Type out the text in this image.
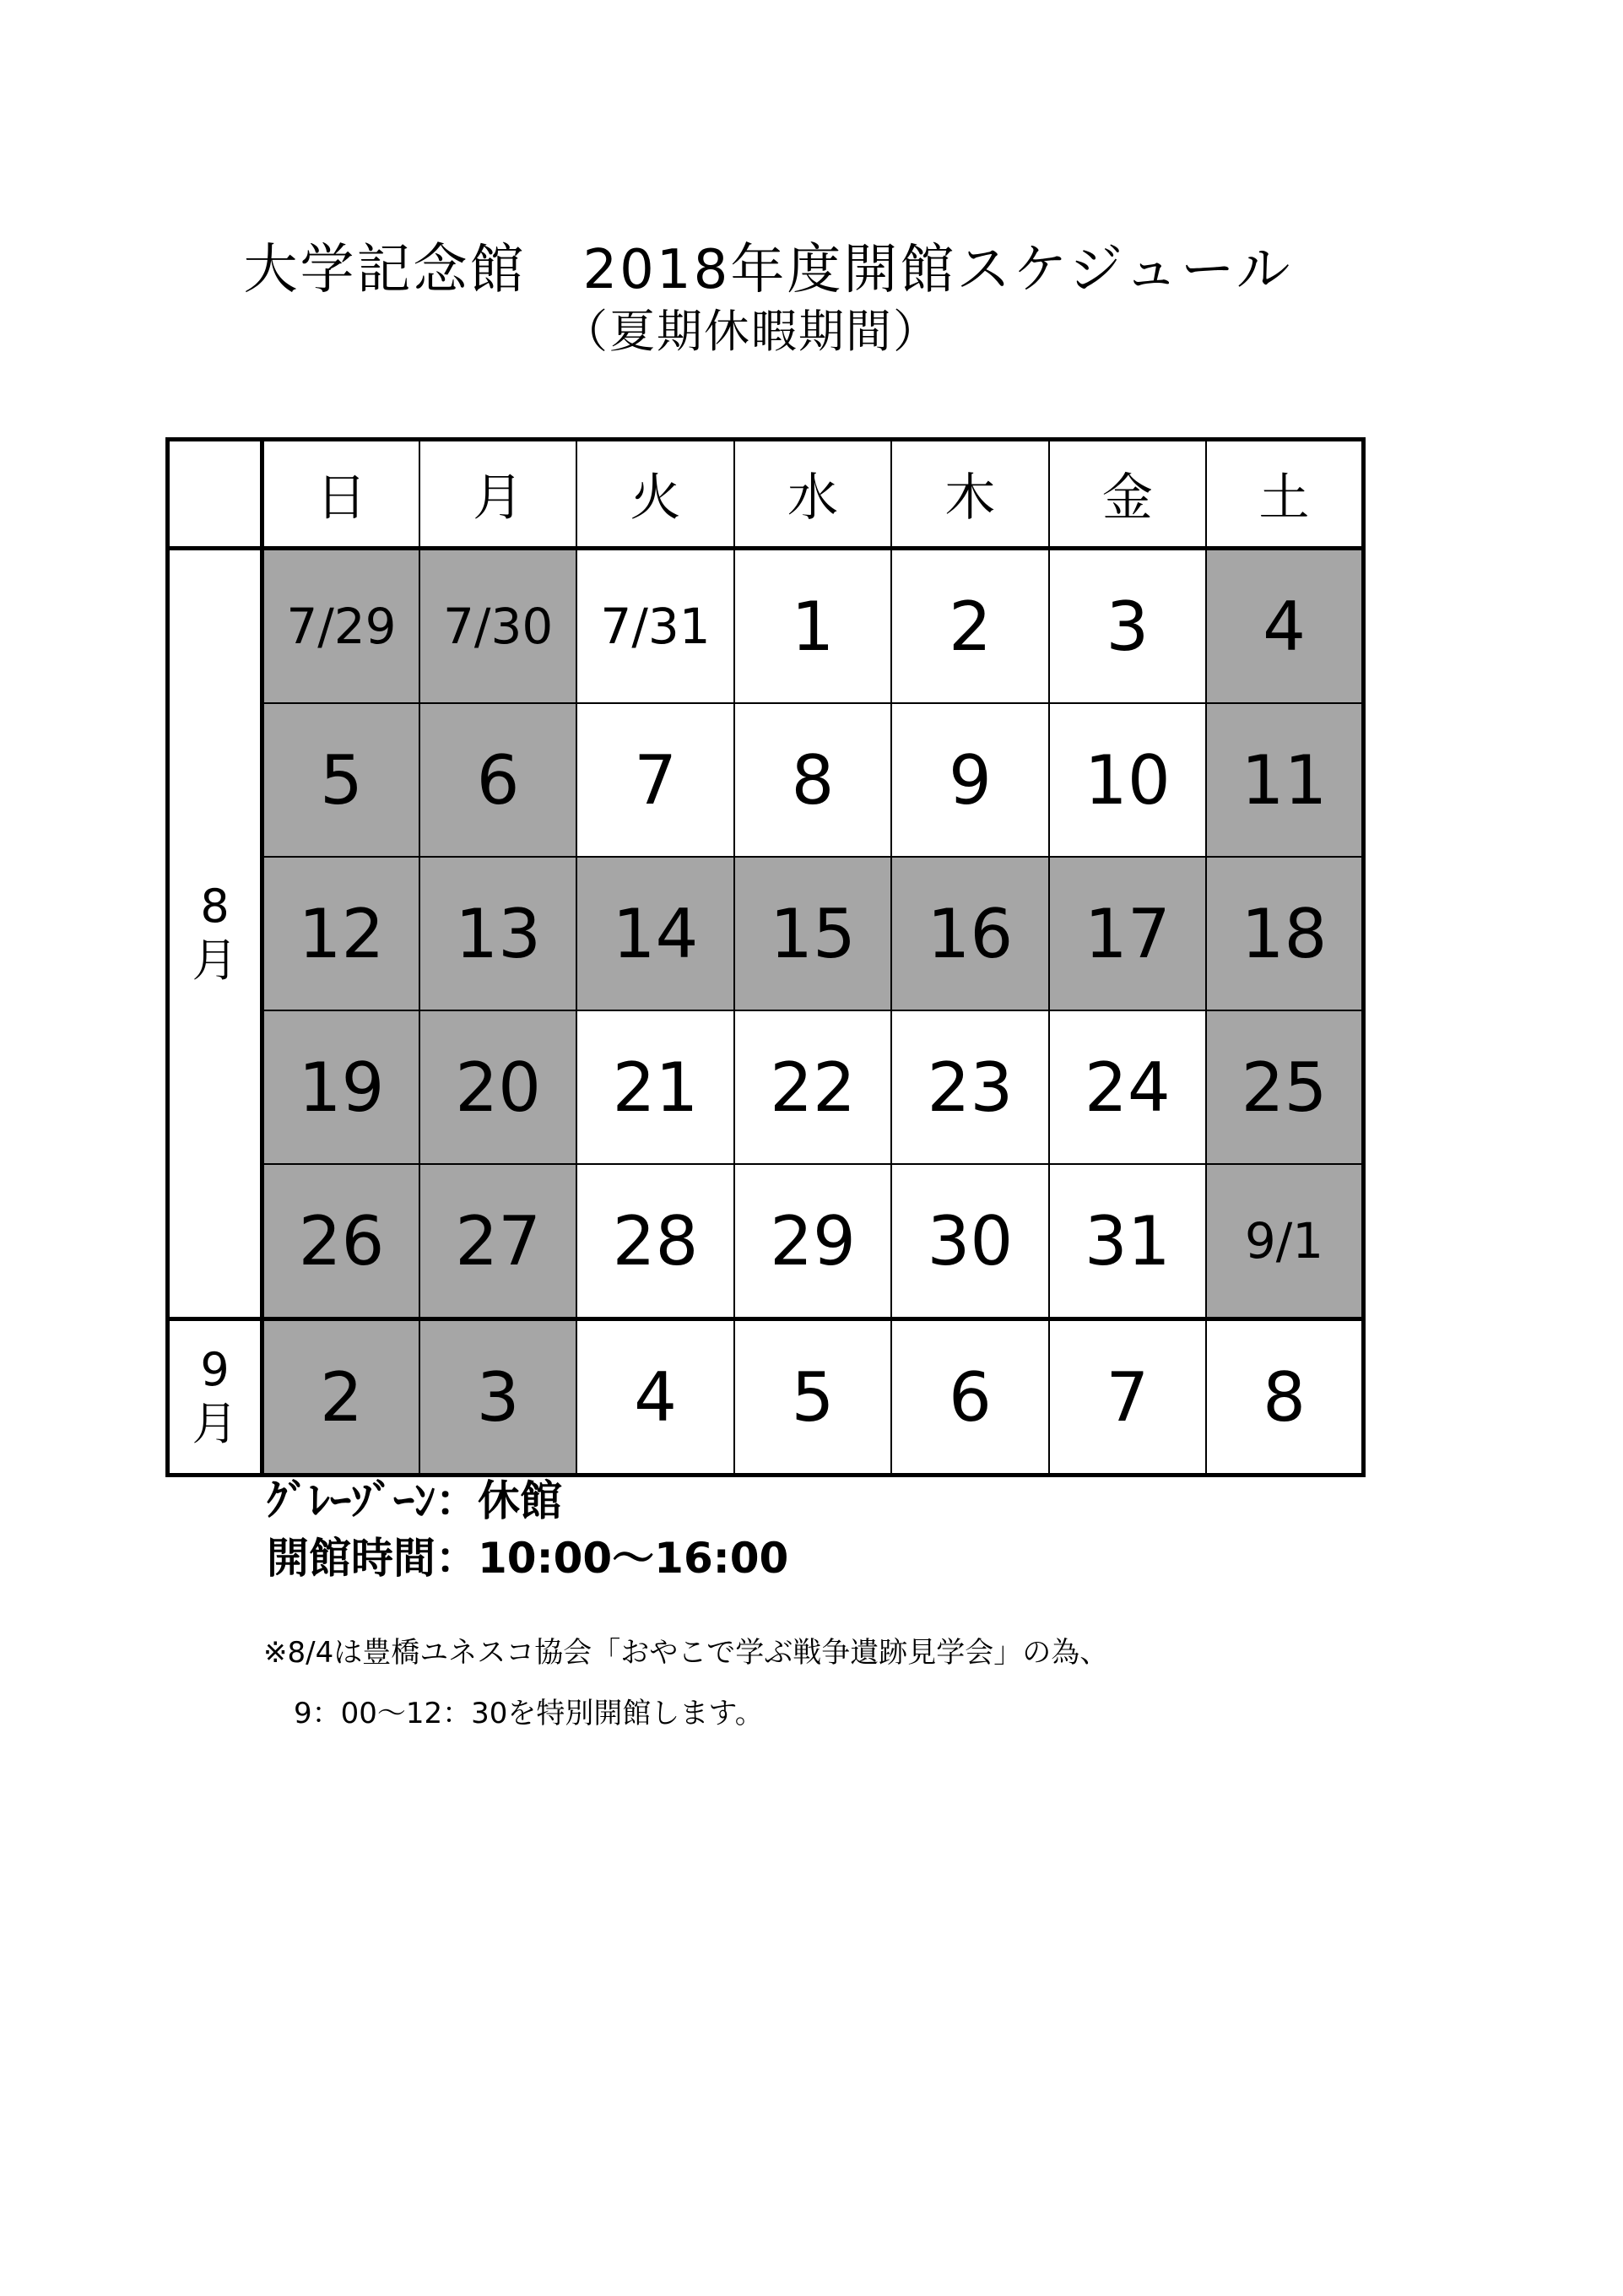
大学記念館　2018年度開館スケジュール
（夏期休暇期間）
	日	月	火	水	木	金	土

8
月	7/29	7/30	7/31	1	2	3	4
	5	6	7	8	9	10	11
	12	13	14	15	16	17	18
	19	20	21	22	23	24	25
	26	27	28	29	30	31	9/1

9
月	2	3	4	5	6	7	8
ｸﾞﾚｰｿﾞｰﾝ：休館
開館時間：10:00～16:00
※8/4は豊橋ユネスコ協会「おやこで学ぶ戦争遺跡見学会」の為、
9：00～12：30を特別開館します。
